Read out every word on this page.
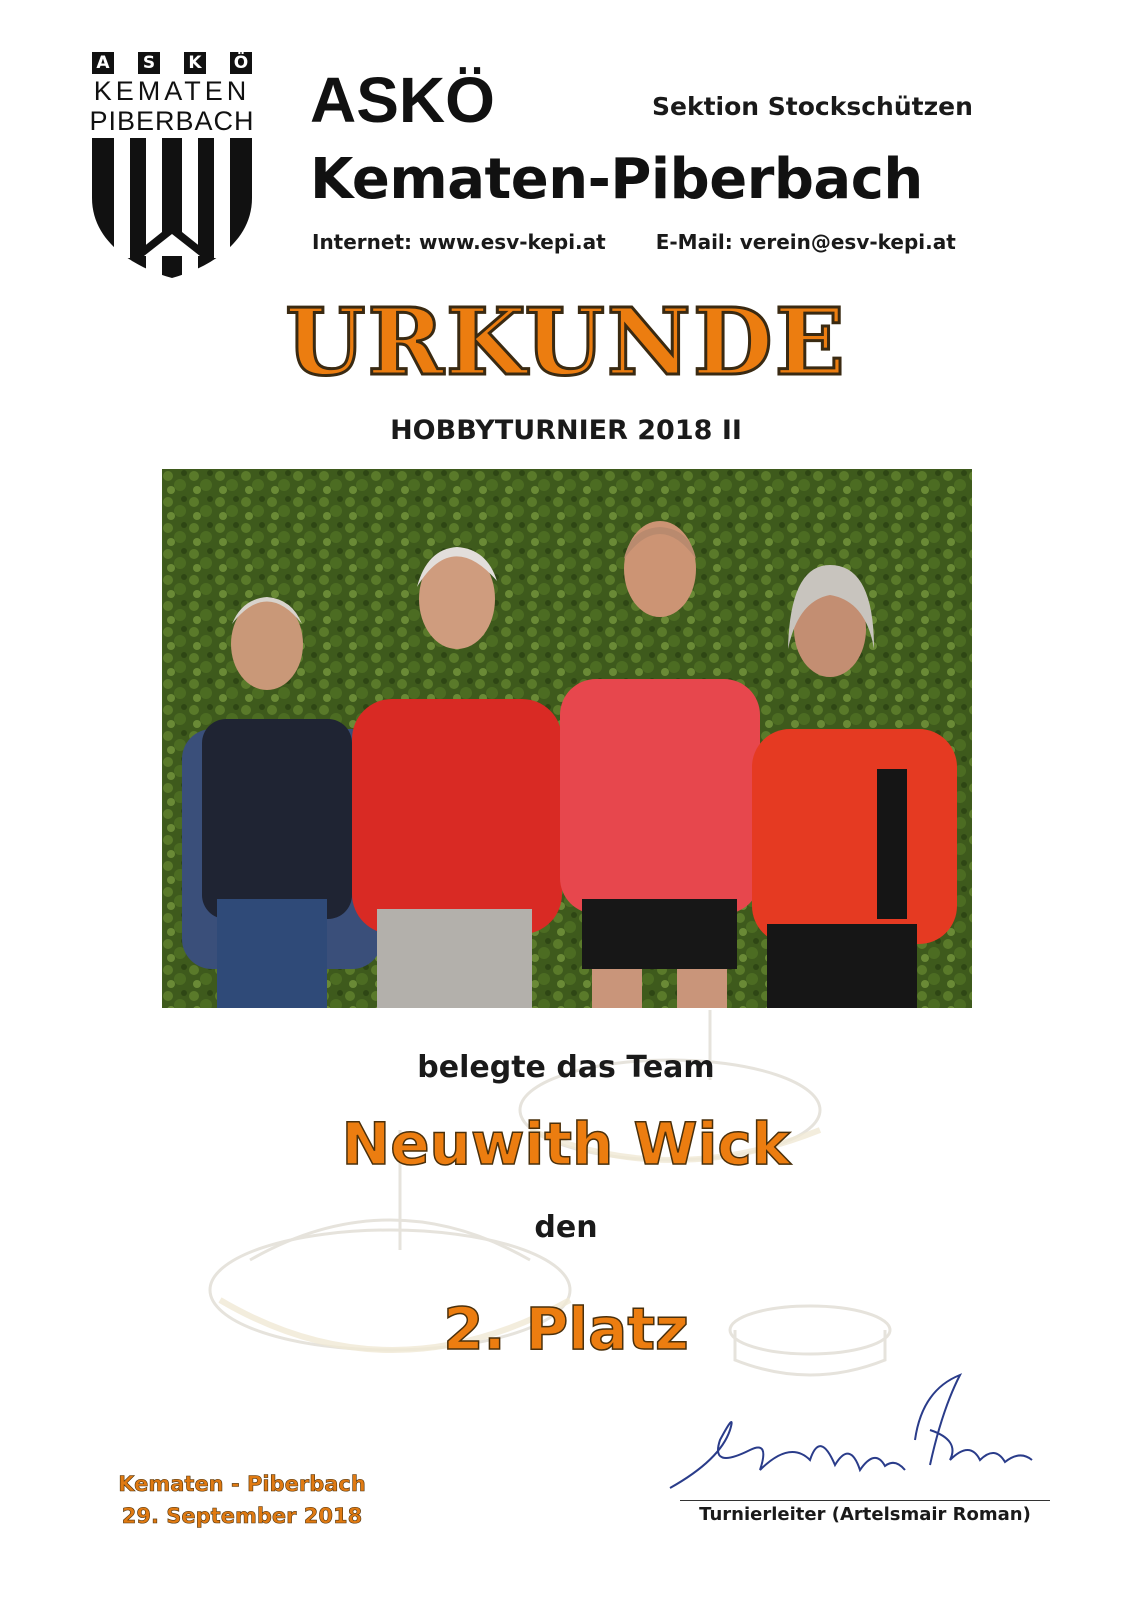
A S K Ö
KEMATEN
PIBERBACH ASKÖ	Sektion Stockschützen
Kematen-Piberbach
Internet: www.esv-kepi.at	E-Mail: verein@esv-kepi.at
URKUNDE
HOBBYTURNIER 2018 II
belegte das Team
Neuwith Wick
den
2. Platz
Kematen - Piberbach
29. September 2018	Turnierleiter (Artelsmair Roman)
